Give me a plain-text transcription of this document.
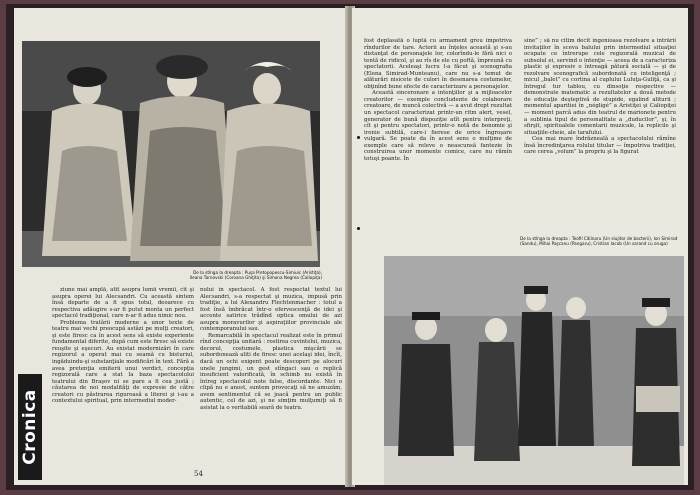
De la stînga la dreapta : Puşa Pretopopescu-Simiuic (Aristiţa), Ileana Tarnovski (Coroana Ghiţita) şi Simona Negrea (Caliopiţa)

ziune mai amplă, atît asupra lumii vremii, cît şi asupra operei lui Alecsandri. Cu această sintem însă departe de a fi spus totul, deoarece cu respectiva adăugire s-ar fi putut monta un perfect spectacol tradiţional, care n-ar fi adus nimic nou.

Problema tratării moderne a unor texte de teatru mai vechi preocupă astăzi pe mulţi creatori, şi este firesc ca în acest sens să existe experiente fundamental diferite, după cum este firesc să existe reuşite şi eşecuri. Au existat modernizări în care regizorul a operat mai cu seamă cu bisturiul, ingăduindu-şi substanţiale modificări în text. Fără a avea pretenţia emiterii unui verdict, concepţia regizorală care a stat la baza spectacolului teatrului din Braşov ni se pare a fi cea justă ; căutarea de noi modalităţi de expresie de către creatori cu păstrarea riguroasă a literei şi i-au a contextului spiritual, prin intermediul moder-

nului în spectacol. A fost respectat textul lui Alecsandri, s-a respectat şi muzica, impusă prin tradiţie, a lui Alexandru Flechtenmacher : totul a fost însă îmbrăcat într-o efervescenţă de idei şi accente satirice trădînd optica omului de azi asupra moravurilor şi aspiraţiilor provinciale ale contemporanului sau.

Remarcabilă în spectacul realizat este în primul rînd concepţia unitară : rostirea cuvintelui, muzica, decorul, costumele, plastica mişcării se subordonează aliti de firesc unei acelaşi idei, încît, dacă un ochi exigent poate descoperi pe alocuri unele jungimi, un gest stîngaci sau o replică insuficient valorificată, în schimb nu există în întreg spectacolul note false, discordante. Nici o clipă nu e anost, suntem provocaţi să ne amuzăm, avem sentimentul că se joacă pentru un public autentic, cel de azi, şi ne simţim mulţumiţi să fi asistat la o veritabilă seară de teatru.

54
Cronica

fost deplasată o luptă cu armament greu împotriva rîndurilor de tare. Actorii au înţeles această şi s-au distanţat de personajele lor, colorîndu-le fără nici o tentă de ridicol, şi au rîs de ele cu poftă, împreună cu spectatorii. Aceleaşi lucru l-a făcut şi scenografia (Elena Simirad-Munteanu), care nu s-a temut de alăturări nisicete de culori în desenarea costumelor, obţinînd bune efecte de caracterizare a personajelor.

Această sinceronare a intenţiilor şi a mijloacelor creatorilor — exemple concludente de colaborare creatoare, de muncă colectivă — a avut drept rezultat un spectacol caracterizat printr-un ritm alert, vesel, generator de bună dispoziţie atît pentru interpreţi, cît şi pentru spectatori, printr-o notă de bonomie şi ironie subtilă, care-i fierese de orice îngroşare vulgară. Se poate da în acest sens o mulţime de exemple care să releve o neascunsă fantezie în construirea unor momente comice, care nu rămîn totuşi poante. În

sine” ; să nu citim decît ingenioasa rezolvare a intrării invitaţilor în sceva balului prin intermediul situaţiei ocupate ce întrerupe cele regizorală muzical de subsolul ei, servind o intenţie — aceea de a caracteriza plastic şi expresiv o întreagă pătură socială — şi de rezolvare scenografică subordonată cu inteligenţă ; micul „balet” cu cortina al cuplului Luluţa-Guliţă, ca şi întregul tur tablou, cu dinsoţie respective — demonstrate matematic a rezultatelor a două metode de educaţie deşteptivă de stupide, egalind aliturii ; momentul aparitiei în „négligé” a Aristiţei şi Caliopiţei — moment parcă adus din teatrul de marionete pentru a sublinia tipul de personalitate a „duducilor”, şi, în sfirşit, spiritualele comentarii muzicale, la replicile şi situaţiile-cheie, ale tarafului.

Cea mai mare îndrăzneală a spectacolului rămîne însă încredinţarea rolului titular — împotriva tradiţiei, care cerea „volum” la propriu şi la figurat

De la stînga la dreapta : Teofil Călinaru (Un slujitor de bacterii), Ion Simirad (Sandu), Mihai Paşcanu (Pangaru), Cristian Iacob (Un sarand cu oruga)
